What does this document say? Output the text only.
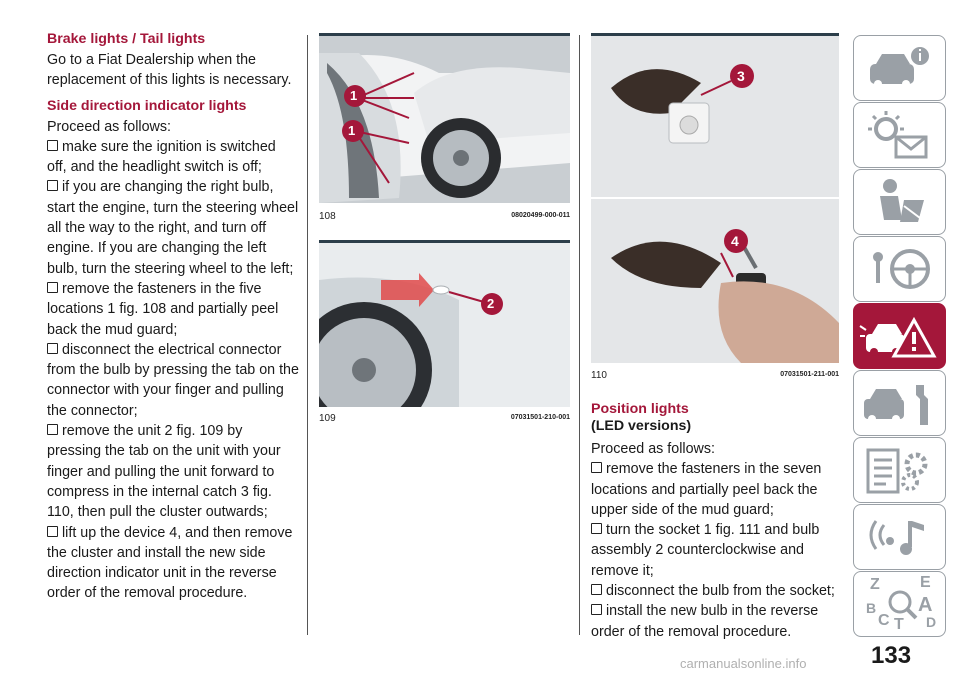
Brake lights / Tail lights

Go to a Fiat Dealership when the replacement of this lights is necessary.

Side direction indicator lights

Proceed as follows:

make sure the ignition is switched off, and the headlight switch is off;

if you are changing the right bulb, start the engine, turn the steering wheel all the way to the right, and turn off engine. If you are changing the left bulb, turn the steering wheel to the left;

remove the fasteners in the five locations 1 fig. 108 and partially peel back the mud guard;

disconnect the electrical connector from the bulb by pressing the tab on the connector with your finger and pulling the connector;

remove the unit 2 fig. 109 by pressing the tab on the unit with your finger and pulling the unit forward to compress in the internal catch 3 fig. 110, then pull the cluster outwards;

lift up the device 4, and then remove the cluster and install the new side direction indicator unit in the reverse order of the removal procedure.

1
1
108	08020499-000-011
2
109	07031501-210-001
3
4
110	07031501-211-001
Position lights
(LED versions)

Proceed as follows:

remove the fasteners in the seven locations and partially peel back the upper side of the mud guard;

turn the socket 1 fig. 111 and bulb assembly 2 counterclockwise and remove it;

disconnect the bulb from the socket;

install the new bulb in the reverse order of the removal procedure.

Z	E
A
B
C T D
133
carmanualsonline.info
